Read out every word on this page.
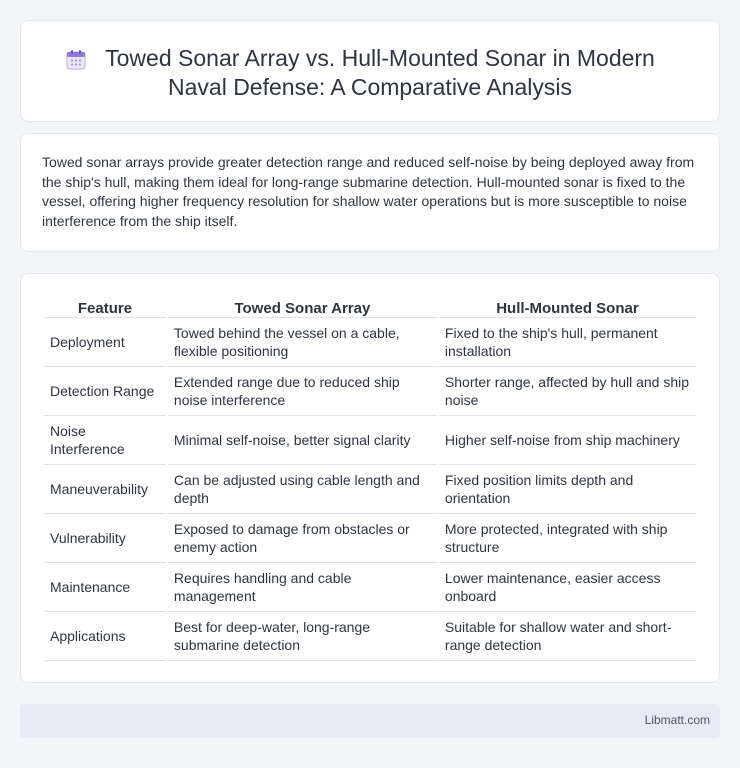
Towed Sonar Array vs. Hull-Mounted Sonar in Modern
Naval Defense: A Comparative Analysis

Towed sonar arrays provide greater detection range and reduced self-noise by being deployed away from the ship's hull, making them ideal for long-range submarine detection. Hull-mounted sonar is fixed to the vessel, offering higher frequency resolution for shallow water operations but is more susceptible to noise interference from the ship itself.

Feature	Towed Sonar Array	Hull-Mounted Sonar
Deployment	Towed behind the vessel on a cable, flexible positioning	Fixed to the ship's hull, permanent installation
Detection Range	Extended range due to reduced ship noise interference	Shorter range, affected by hull and ship noise
Noise Interference	Minimal self-noise, better signal clarity	Higher self-noise from ship machinery
Maneuverability	Can be adjusted using cable length and depth	Fixed position limits depth and orientation
Vulnerability	Exposed to damage from obstacles or enemy action	More protected, integrated with ship structure
Maintenance	Requires handling and cable management	Lower maintenance, easier access onboard
Applications	Best for deep-water, long-range submarine detection	Suitable for shallow water and short-range detection
Libmatt.com
